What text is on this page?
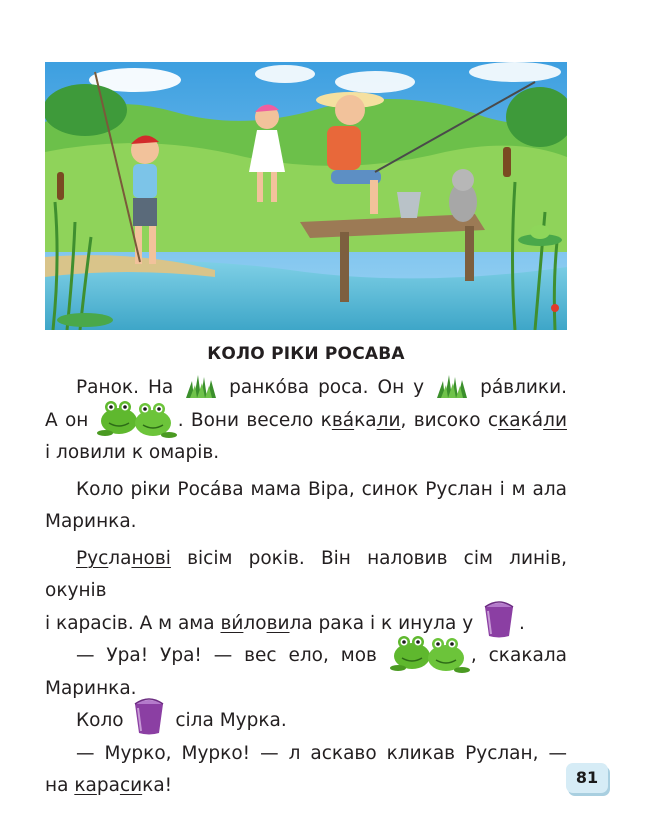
КОЛО РІКИ РОСАВА

Ранок. На
ранко́ва роса. Он у
ра́влики.

А он	. Вони весело ква́кали, високо скака́ли

і ловили к омарів.

Коло ріки Роса́ва мама Віра, синок Руслан і м ала

Маринка.

Русланові вісім років. Він наловив сім линів, окунів

і карасів. А м ама ви́ловила рака і к инула у
.

— Ура! Ура! — вес ело, мов	, скакала

Маринка.

Коло
сіла Мурка.

— Мурко, Мурко! — л аскаво кликав Руслан, —

на карасика!	81
